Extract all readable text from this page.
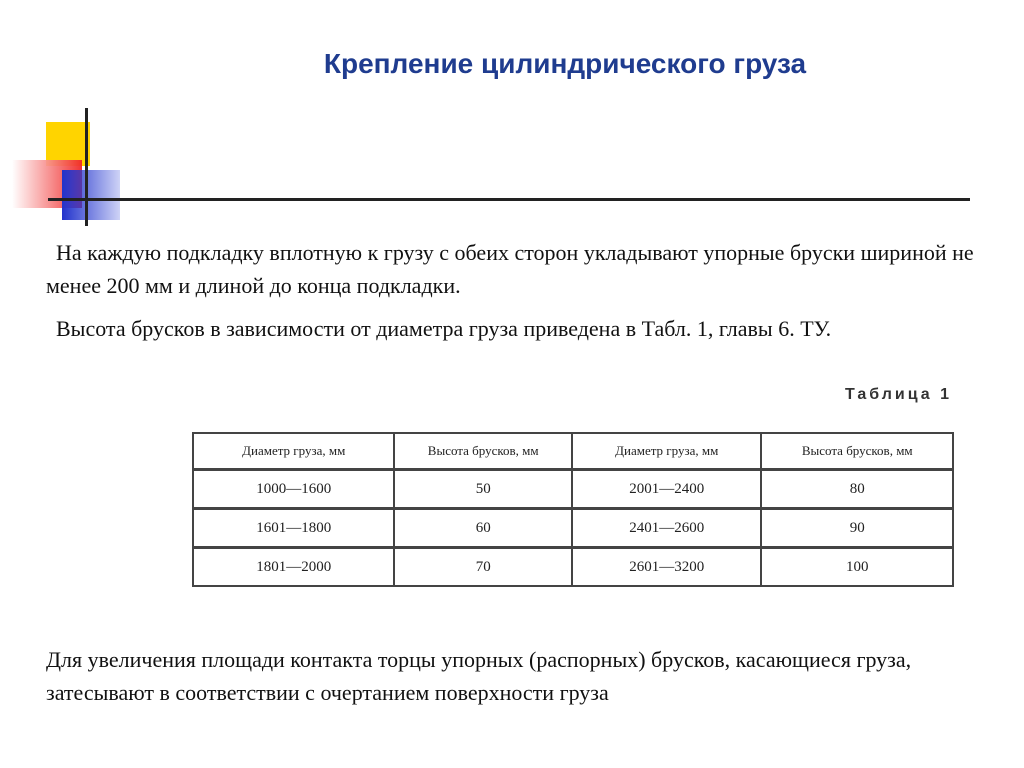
Крепление цилиндрического груза
На каждую подкладку вплотную к грузу с обеих сторон укладывают упорные бруски шириной не менее 200 мм и длиной до конца подкладки.
Высота брусков в зависимости от диаметра груза приведена в Табл. 1, главы 6. ТУ.
Таблица 1
Диаметр груза, мм	Высота брусков, мм	Диаметр груза, мм	Высота брусков, мм
1000—1600	50	2001—2400	80
1601—1800	60	2401—2600	90
1801—2000	70	2601—3200	100
Для увеличения площади контакта торцы упорных (распорных) брусков, касающиеся груза, затесывают в соответствии с очертанием поверхности груза
